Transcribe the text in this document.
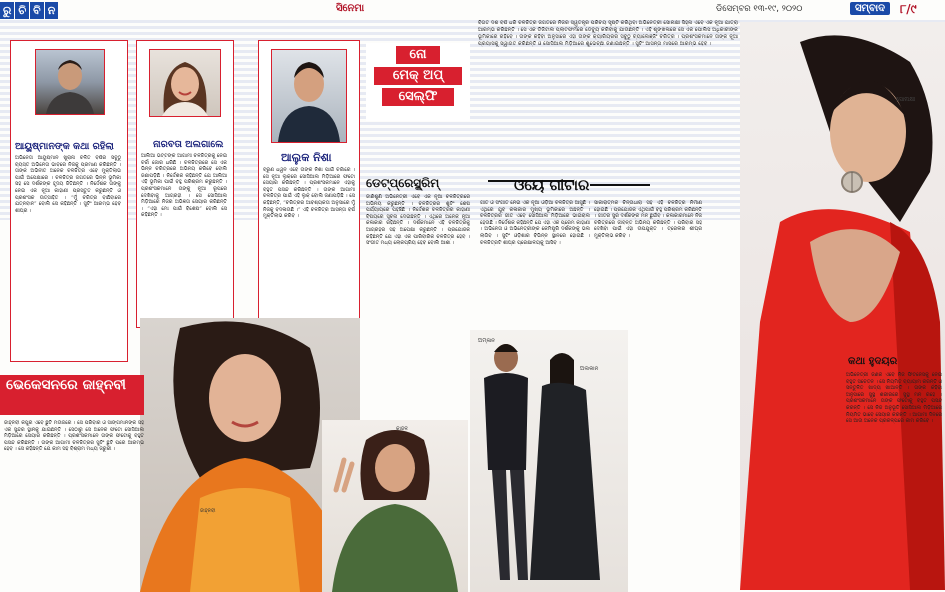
ରୁ ଚି ବି ନ	ସିନେମା	ଡିସେମ୍ବର ୧୩-୧୯, ୨୦୨୦	ସମ୍ବାଦ	୮/୯
ଆୟୁଷ୍ମାନଙ୍କ କଥା ରହିଲା
ଅଭିନେତା ଆୟୁଷ୍ମାନ ଖୁରାନା ଚଳିତ ବର୍ଷର ସବୁଠୁ ବ୍ୟସ୍ତ ଅଭିନେତା ଭାବରେ ନିଜକୁ ପ୍ରମାଣ କରିଛନ୍ତି । ତାଙ୍କ ଅଭିନୀତ ଅନେକ ଚଳଚ୍ଚିତ୍ର ଏବେ ମୁକ୍ତିଲାଭ ପାଇଁ ଅପେକ୍ଷାରେ । ଚଳଚ୍ଚିତ୍ର ଜଗତରେ ଭିନ୍ନ ଭୂମିକା ସହ ସେ ଦର୍ଶକଙ୍କ ହୃଦୟ ଜିତିଛନ୍ତି । ନିର୍ଦ୍ଦେଶକ ତାଙ୍କୁ ନେଇ ଏକ ନୂଆ କାହାଣୀ ପ୍ରସ୍ତୁତ କରୁଛନ୍ତି ଓ ପ୍ରଶଂସକ ଉତ୍ସାହିତ । “ମୁଁ ଚରିତ୍ର ବାଛିବାରେ ଯତ୍ନବାନ” ବୋଲି ସେ କହିଛନ୍ତି । ସୁଟିଂ ଆରମ୍ଭ ହେବ ଶୀଘ୍ର ।
ନାରବତା ଅଲଗାଲେ
ଆଲିଆ ଭଟ୍ଟଙ୍କ ଆଗାମୀ ଚଳଚ୍ଚିତ୍ରକୁ ନେଇ ଚର୍ଚ୍ଚା ଜୋର ଧରିଛି । ଚଳଚ୍ଚିତ୍ରରେ ସେ ଏକ ଭିନ୍ନ ଚରିତ୍ରରେ ଅଭିନୟ କରିବେ ବୋଲି ଜଣାପଡ଼ିଛି । ନିର୍ଦ୍ଦେଶକ କହିଛନ୍ତି ଯେ ଆଲିଆ ଏହି ଭୂମିକା ପାଇଁ ବହୁ ପରିଶ୍ରମ କରୁଛନ୍ତି । ପ୍ରଶଂସକମାନେ ତାଙ୍କୁ ନୂଆ ରୂପରେ ଦେଖିବାକୁ ଆଗ୍ରହୀ । ସେ ସୋସିଆଲ ମିଡ଼ିଆରେ ନିଜର ଅଭିଜ୍ଞତା ସେୟାର କରିଛନ୍ତି । “ଏହା ମୋ ପାଇଁ ବିଶେଷ” ବୋଲି ସେ କହିଛନ୍ତି ।
ଆଲୁକ ନିଶା
ବରୁଣ ଧୱନ ଏବେ ତାଙ୍କ ନିଶା ପାଇଁ ଚର୍ଚ୍ଚାରେ । ସେ ନୂଆ ଲୁକ୍‌ରେ ସୋସିଆଲ ମିଡ଼ିଆରେ ଫଟୋ ସେୟାର କରିଛନ୍ତି । ପ୍ରଶଂସକମାନେ ଏହାକୁ ବହୁତ ପସନ୍ଦ କରିଛନ୍ତି । ତାଙ୍କ ଆଗାମୀ ଚଳଚ୍ଚିତ୍ର ପାଇଁ ଏହି ଲୁକ୍ ବୋଲି ଜଣାପଡ଼ିଛି । ସେ କହିଛନ୍ତି, “ଚରିତ୍ରର ଆବଶ୍ୟକତା ଅନୁସାରେ ମୁଁ ନିଜକୁ ବଦଳାଉଛି ।” ଏହି ଚଳଚ୍ଚିତ୍ର ଆସନ୍ତା ବର୍ଷ ମୁକ୍ତିଲାଭ କରିବ ।
ନୋ
ମେକ୍ ଅପ୍
ସେଲ୍‌ଫି
ବିଗତ ଦଶ ବର୍ଷ ଧରି ଚଳଚ୍ଚିତ୍ର ଜଗତରେ ନିଜର ସ୍ୱତନ୍ତ୍ର ପରିଚୟ ସୃଷ୍ଟି କରିଥିବା ଅଭିନେତ୍ରୀ ସୋନାକ୍ଷୀ ସିହ୍ନା ଏବେ ଏକ ନୂଆ ଯାତ୍ରା ଆରମ୍ଭ କରିଛନ୍ତି । ସେ ଏକ ଡିଜିଟାଲ ପ୍ଲାଟଫର୍ମରେ ଡେବ୍ୟୁ କରିବାକୁ ଯାଉଛନ୍ତି । ଏହି ଶୃଙ୍ଖଳାରେ ସେ ଏକ ପୋଲିସ ଅଧିକାରୀଙ୍କ ଭୂମିକାରେ ରହିବେ । ତାଙ୍କ କହିବା ଅନୁସାରେ ଏହା ତାଙ୍କ କ୍ୟାରିୟରର ସବୁଠୁ ଚ୍ୟାଲେଞ୍ଜିଂ ଚରିତ୍ର । ପ୍ରଶଂସକମାନେ ତାଙ୍କ ନୂଆ ପ୍ରୟାସକୁ ସ୍ୱାଗତ କରିଛନ୍ତି ଓ ସୋସିଆଲ ମିଡ଼ିଆରେ ଶୁଭେଚ୍ଛା ଜଣାଇଛନ୍ତି । ସୁଟିଂ ଆସନ୍ତା ମାସରେ ଆରମ୍ଭ ହେବ ।
ସୋନାକ୍ଷୀ
ଡେଟ୍‌ପ୍ରେସ୍କ୍ରିମ୍
ଜାଣିଶୁଣି ଅଭିନେତ୍ରୀ ଏବେ ଏକ ନୂଆ ଚଳଚ୍ଚିତ୍ରରେ ଅଭିନୟ କରୁଛନ୍ତି । ଚଳଚ୍ଚିତ୍ରର ଶୁଟିଂ ଶେଷ ପର୍ଯ୍ୟାୟରେ ପହଞ୍ଚିଛି । ନିର୍ଦ୍ଦେଶକ ଚଳଚ୍ଚିତ୍ରର କାହାଣୀ ବିଷୟରେ ସୂଚନା ଦେଇଛନ୍ତି । ଏଥିରେ ଅନେକ ନୂଆ କଳାକାର ରହିଛନ୍ତି । ଦର୍ଶକମାନେ ଏହି ଚଳଚ୍ଚିତ୍ରକୁ ଆଗ୍ରହର ସହ ଅପେକ୍ଷା କରୁଛନ୍ତି । ପ୍ରଯୋଜକ କହିଛନ୍ତି ଯେ ଏହା ଏକ ପାରିବାରିକ ଚଳଚ୍ଚିତ୍ର ହେବ । ସଂଗୀତ ମଧ୍ୟ ଲୋକପ୍ରିୟ ହେବ ବୋଲି ଆଶା ।
ଓୟେ ଗୀଟାର
ଗୀତ ଓ ସଂଗୀତ ନେଇ ଏକ ନୂଆ ଓଡ଼ିଆ ଚଳଚ୍ଚିତ୍ର ଆସୁଛି । ଏଥିରେ ଯୁବ କଳାକାର ମୁଖ୍ୟ ଭୂମିକାରେ ଅଛନ୍ତି । ଚଳଚ୍ଚିତ୍ରର ଗୀତ ଏବେ ସୋସିଆଲ ମିଡ଼ିଆରେ ଭାଇରାଲ ହେଉଛି । ନିର୍ଦ୍ଦେଶକ କହିଛନ୍ତି ଯେ ଏହା ଏକ ପ୍ରେମ କାହାଣୀ । ଅଭିନେତା ଓ ଅଭିନେତ୍ରୀଙ୍କ କେମିଷ୍ଟ୍ରି ଦର୍ଶକଙ୍କୁ ଭଲ ଲାଗିବ । ସୁଟିଂ ଓଡ଼ିଶାର ବିଭିନ୍ନ ସ୍ଥାନରେ ହୋଇଛି । ଚଳଚ୍ଚିତ୍ରଟି ଶୀଘ୍ର ପ୍ରେକ୍ଷାଳୟକୁ ଆସିବ ।
ସାକାରାତ୍ମକ ଚିନ୍ତାଧାରା ସହ ଏହି ଚଳଚ୍ଚିତ୍ର ନିର୍ମାଣ ହୋଇଛି । ପ୍ରଯୋଜକ ଏଥିପାଇଁ ବହୁ ପରିଶ୍ରମ କରିଛନ୍ତି । ଗୀତର ସୁର ଦର୍ଶକଙ୍କ ମନ ଛୁଇଁବ । କଳାକାରମାନେ ନିଜ ଚରିତ୍ରରେ ଜୀବନ୍ତ ଅଭିନୟ କରିଛନ୍ତି । ପରିବାର ସହ ଦେଖିବା ପାଇଁ ଏହା ଉପଯୁକ୍ତ । ଟ୍ରେଲର ଶୀଘ୍ର ମୁକ୍ତିଲାଭ କରିବ ।
ଅମ୍ଳାନ
ଅଲକାନ
କଥା ହୁଦୟର
ଅଭିନେତ୍ରୀ ଜଣକ ଏବେ ନିଜ ଫିଟନେସକୁ ନେଇ ବହୁତ ସଚେତନ । ସେ ନିୟମିତ ବ୍ୟାୟାମ କରନ୍ତି ଓ ସନ୍ତୁଳିତ ଖାଦ୍ୟ ଖାଆନ୍ତି । ତାଙ୍କ କହିବା ଅନୁସାରେ ସୁସ୍ଥ ଶରୀରରେ ସୁସ୍ଥ ମନ ରହେ । ପ୍ରଶଂସକମାନେ ତାଙ୍କ ଫଟୋକୁ ବହୁତ ପସନ୍ଦ କରନ୍ତି । ସେ ନିଜ ଅନୁଭୂତି ସୋସିଆଲ ମିଡ଼ିଆରେ ନିୟମିତ ଭାବେ ସେୟାର କରନ୍ତି । ଆଗାମୀ ଦିନରେ ସେ ଆଉ ଅନେକ ପ୍ରକଳ୍ପରେ କାମ କରିବେ ।
ଜାହ୍ନବୀ
ଭେକେସନରେ ଜାହ୍ନବୀ
ଜାହ୍ନବୀ କପୁର ଏବେ ଛୁଟି ମଉଜରେ । ସେ ପରିବାର ଓ ସାଙ୍ଗମାନଙ୍କ ସହ ଏକ ସୁନ୍ଦର ସ୍ଥାନକୁ ଯାଇଛନ୍ତି । ସେଠାରୁ ସେ ଅନେକ ଫଟୋ ସୋସିଆଲ ମିଡ଼ିଆରେ ସେୟାର କରିଛନ୍ତି । ପ୍ରଶଂସକମାନେ ତାଙ୍କ ଫଟୋକୁ ବହୁତ ପସନ୍ଦ କରିଛନ୍ତି । ତାଙ୍କ ଆଗାମୀ ଚଳଚ୍ଚିତ୍ରର ସୁଟିଂ ଛୁଟି ପରେ ଆରମ୍ଭ ହେବ । ସେ କହିଛନ୍ତି ଯେ କାମ ସହ ବିଶ୍ରାମ ମଧ୍ୟ ଜରୁରୀ ।
କାଜଳ
